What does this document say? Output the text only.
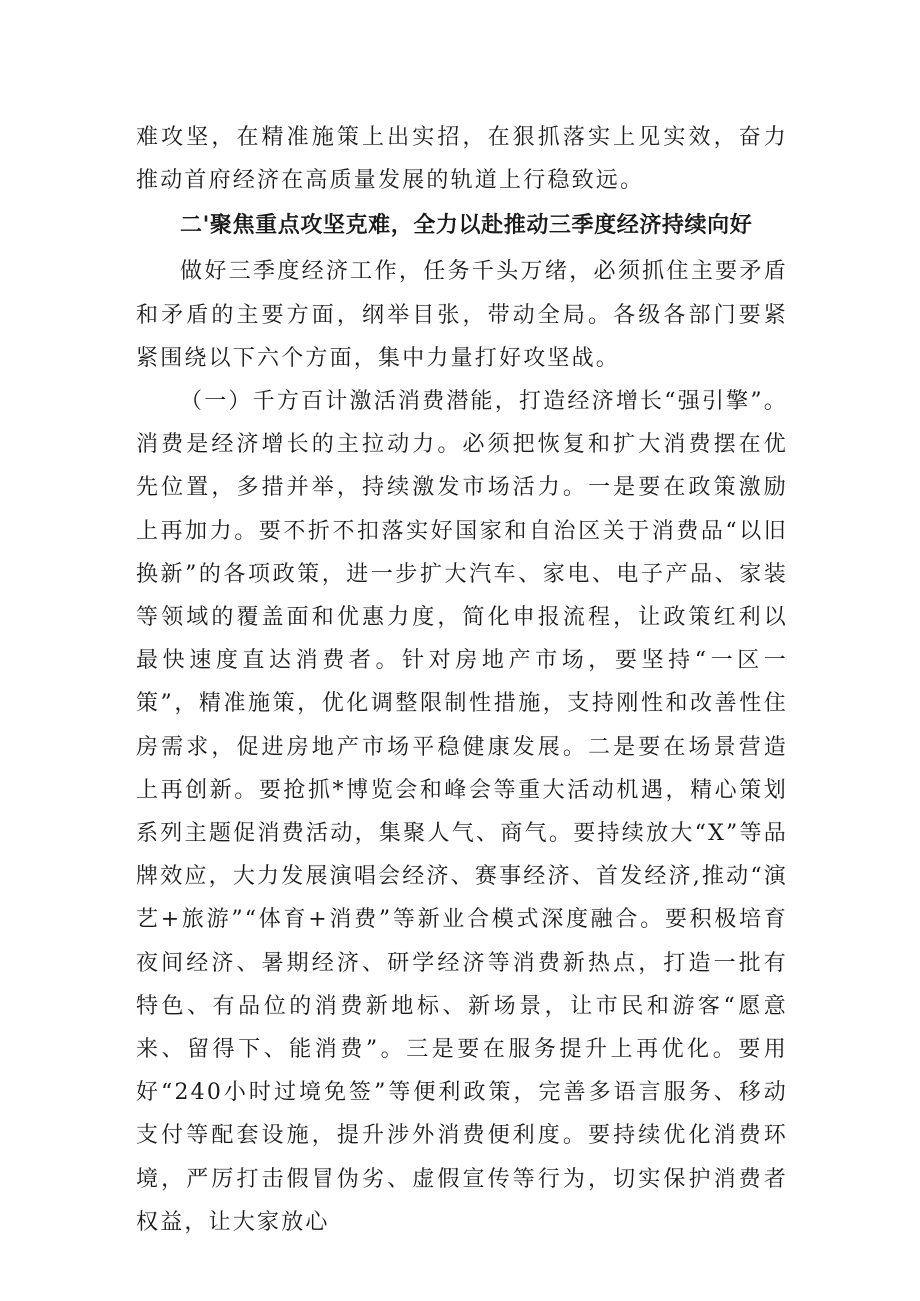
难攻坚，在精准施策上出实招，在狠抓落实上见实效，奋力推动首府经济在高质量发展的轨道上行稳致远。

二'聚焦重点攻坚克难，全力以赴推动三季度经济持续向好

做好三季度经济工作，任务千头万绪，必须抓住主要矛盾和矛盾的主要方面，纲举目张，带动全局。各级各部门要紧紧围绕以下六个方面，集中力量打好攻坚战。

（一）千方百计激活消费潜能，打造经济增长“强引擎”。消费是经济增长的主拉动力。必须把恢复和扩大消费摆在优先位置，多措并举，持续激发市场活力。一是要在政策激励上再加力。要不折不扣落实好国家和自治区关于消费品“以旧换新”的各项政策，进一步扩大汽车、家电、电子产品、家装等领域的覆盖面和优惠力度，简化申报流程，让政策红利以最快速度直达消费者。针对房地产市场，要坚持“一区一策”，精准施策，优化调整限制性措施，支持刚性和改善性住房需求，促进房地产市场平稳健康发展。二是要在场景营造上再创新。要抢抓*博览会和峰会等重大活动机遇，精心策划系列主题促消费活动，集聚人气、商气。要持续放大“X”等品牌效应，大力发展演唱会经济、赛事经济、首发经济,推动“演艺+旅游”“体育+消费”等新业合模式深度融合。要积极培育夜间经济、暑期经济、研学经济等消费新热点，打造一批有特色、有品位的消费新地标、新场景，让市民和游客“愿意来、留得下、能消费”。三是要在服务提升上再优化。要用好“240小时过境免签”等便利政策，完善多语言服务、移动支付等配套设施，提升涉外消费便利度。要持续优化消费环境，严厉打击假冒伪劣、虚假宣传等行为，切实保护消费者权益，让大家放心
